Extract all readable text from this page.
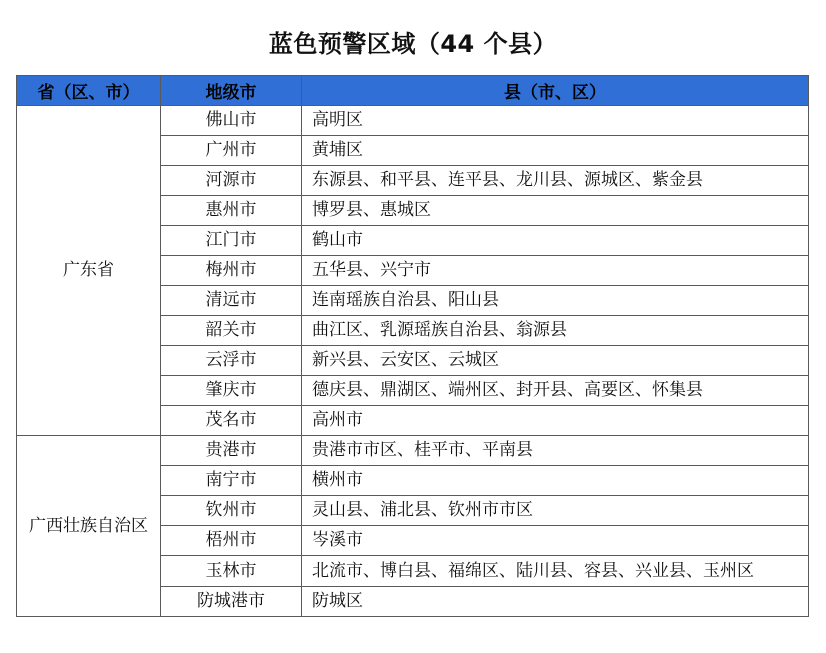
蓝色预警区域（44 个县）
省（区、市）	地级市	县（市、区）
广东省	佛山市	高明区
	广州市	黄埔区
	河源市	东源县、和平县、连平县、龙川县、源城区、紫金县
	惠州市	博罗县、惠城区
	江门市	鹤山市
	梅州市	五华县、兴宁市
	清远市	连南瑶族自治县、阳山县
	韶关市	曲江区、乳源瑶族自治县、翁源县
	云浮市	新兴县、云安区、云城区
	肇庆市	德庆县、鼎湖区、端州区、封开县、高要区、怀集县
	茂名市	高州市
广西壮族自治区	贵港市	贵港市市区、桂平市、平南县
	南宁市	横州市
	钦州市	灵山县、浦北县、钦州市市区
	梧州市	岑溪市
	玉林市	北流市、博白县、福绵区、陆川县、容县、兴业县、玉州区
	防城港市	防城区
